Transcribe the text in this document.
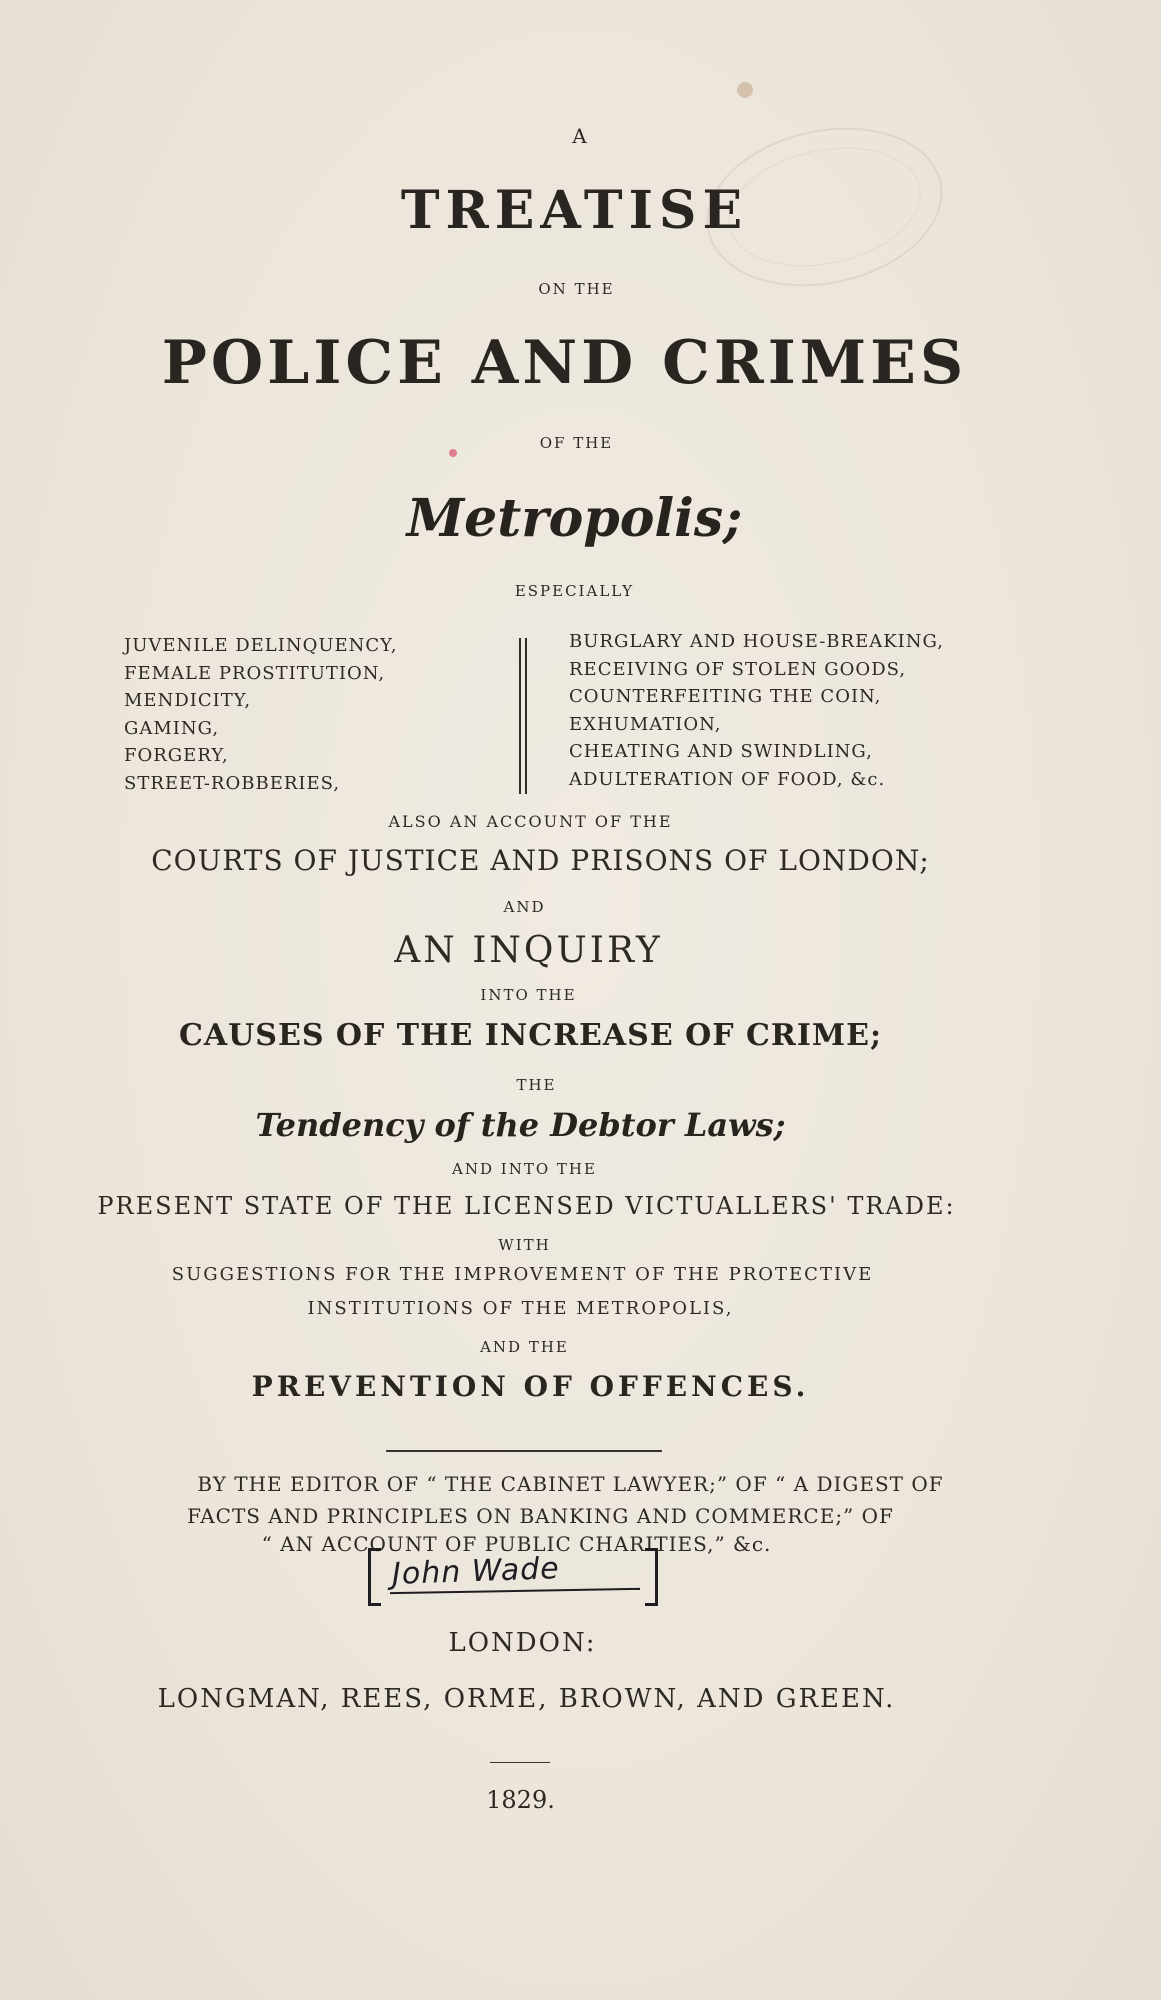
A

TREATISE

ON THE

POLICE AND CRIMES

OF THE

Metropolis;

ESPECIALLY

JUVENILE DELINQUENCY,
FEMALE PROSTITUTION,
MENDICITY,
GAMING,
FORGERY,
STREET-ROBBERIES,
BURGLARY AND HOUSE-BREAKING,
RECEIVING OF STOLEN GOODS,
COUNTERFEITING THE COIN,
EXHUMATION,
CHEATING AND SWINDLING,
ADULTERATION OF FOOD, &c.

ALSO AN ACCOUNT OF THE

COURTS OF JUSTICE AND PRISONS OF LONDON;

AND

AN INQUIRY

INTO THE

CAUSES OF THE INCREASE OF CRIME;

THE

Tendency of the Debtor Laws;

AND INTO THE

PRESENT STATE OF THE LICENSED VICTUALLERS' TRADE:

WITH

SUGGESTIONS FOR THE IMPROVEMENT OF THE PROTECTIVE

INSTITUTIONS OF THE METROPOLIS,

AND THE

PREVENTION OF OFFENCES.

BY THE EDITOR OF “ THE CABINET LAWYER;” OF “ A DIGEST OF

FACTS AND PRINCIPLES ON BANKING AND COMMERCE;” OF

“ AN ACCOUNT OF PUBLIC CHARITIES,” &c.

John Wade

LONDON:

LONGMAN, REES, ORME, BROWN, AND GREEN.

1829.
